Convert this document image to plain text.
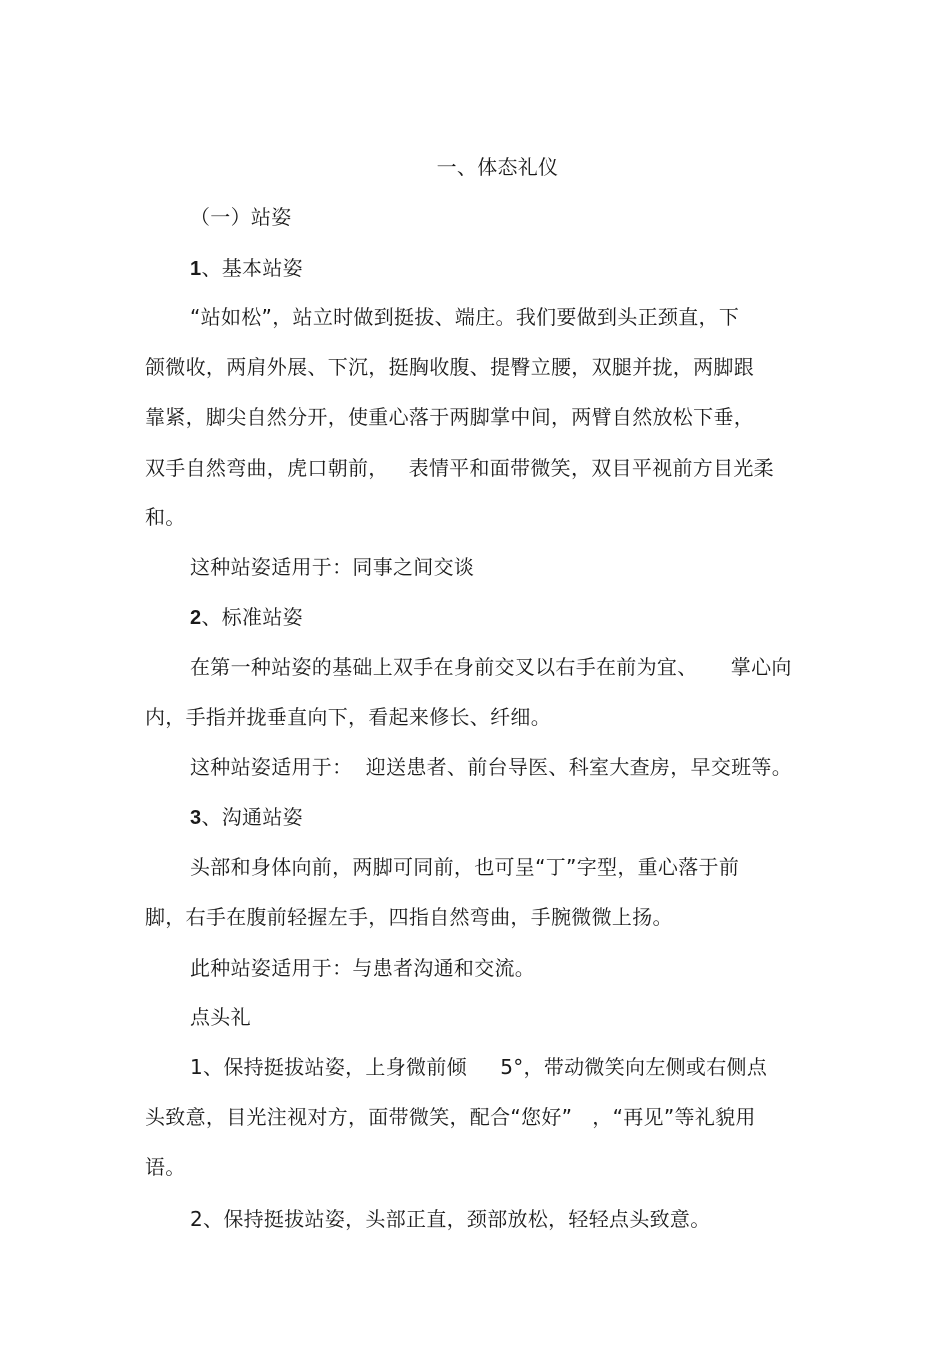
一、体态礼仪
（一）站姿
1、基本站姿
“站如松”，站立时做到挺拔、端庄。我们要做到头正颈直，下
颌微收，两肩外展、下沉，挺胸收腹、提臀立腰，双腿并拢，两脚跟
靠紧，脚尖自然分开，使重心落于两脚掌中间，两臂自然放松下垂，
双手自然弯曲，虎口朝前，   表情平和面带微笑，双目平视前方目光柔
和。
这种站姿适用于：同事之间交谈
2、标准站姿
在第一种站姿的基础上双手在身前交叉以右手在前为宜、     掌心向
内，手指并拢垂直向下，看起来修长、纤细。
这种站姿适用于：  迎送患者、前台导医、科室大查房，早交班等。
3、沟通站姿
头部和身体向前，两脚可同前，也可呈“丁”字型，重心落于前
脚，右手在腹前轻握左手，四指自然弯曲，手腕微微上扬。
此种站姿适用于：与患者沟通和交流。
点头礼
1、保持挺拔站姿，上身微前倾     5°，带动微笑向左侧或右侧点
头致意，目光注视对方，面带微笑，配合“您好”   ，“再见”等礼貌用
语。
2、保持挺拔站姿，头部正直，颈部放松，轻轻点头致意。
